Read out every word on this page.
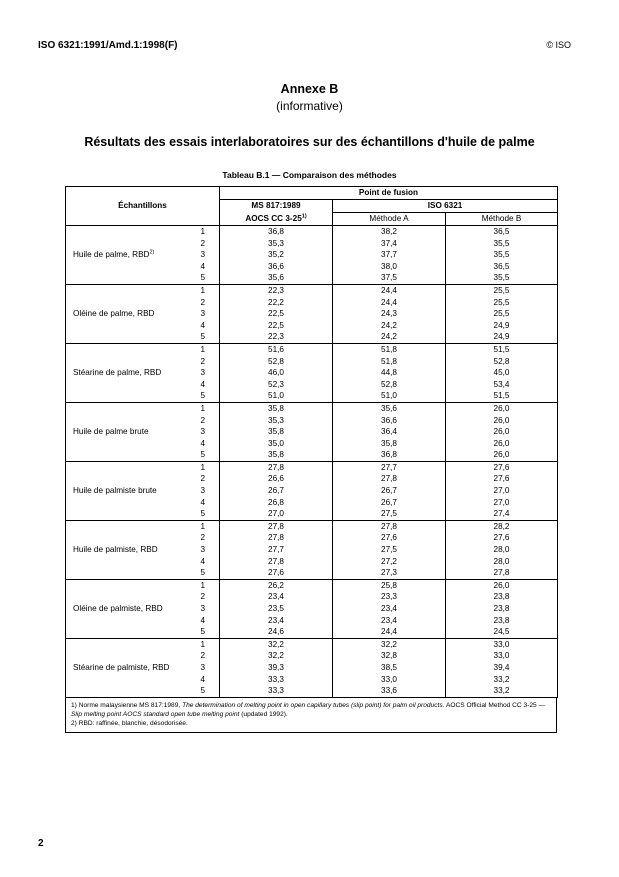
ISO 6321:1991/Amd.1:1998(F)	© ISO
Annexe B
(informative)
Résultats des essais interlaboratoires sur des échantillons d'huile de palme
Tableau B.1 — Comparaison des méthodes
Échantillons		Point de fusion		
		MS 817:1989	ISO 6321	
		AOCS CC 3-25$^{1)}$	Méthode A	Méthode B
Huile de palme, RBD$^{2)}$	1	36,8	38,2	36,5
	2	35,3	37,4	35,5
	3	35,2	37,7	35,5
	4	36,6	38,0	36,5
	5	35,6	37,5	35,5
Oléine de palme, RBD	1	22,3	24,4	25,5
	2	22,2	24,4	25,5
	3	22,5	24,3	25,5
	4	22,5	24,2	24,9
	5	22,3	24,2	24,9
Stéarine de palme, RBD	1	51,6	51,8	51,5
	2	52,8	51,8	52,8
	3	46,0	44,8	45,0
	4	52,3	52,8	53,4
	5	51,0	51,0	51,5
Huile de palme brute	1	35,8	35,6	26,0
	2	35,3	36,6	26,0
	3	35,8	36,4	26,0
	4	35,0	35,8	26,0
	5	35,8	36,8	26,0
Huile de palmiste brute	1	27,8	27,7	27,6
	2	26,6	27,8	27,6
	3	26,7	26,7	27,0
	4	26,8	26,7	27,0
	5	27,0	27,5	27,4
Huile de palmiste, RBD	1	27,8	27,8	28,2
	2	27,8	27,6	27,6
	3	27,7	27,5	28,0
	4	27,8	27,2	28,0
	5	27,6	27,3	27,8
Oléine de palmiste, RBD	1	26,2	25,8	26,0
	2	23,4	23,3	23,8
	3	23,5	23,4	23,8
	4	23,4	23,4	23,8
	5	24,6	24,4	24,5
Stéarine de palmiste, RBD	1	32,2	32,2	33,0
	2	32,2	32,8	33,0
	3	39,3	38,5	39,4
	4	33,3	33,0	33,2
	5	33,3	33,6	33,2
1) Norme malaysienne MS 817:1989, The determination of melting point in open capillary tubes (slip point) for palm oil products. AOCS Official Method CC 3-25 — Slip melting point AOCS standard open tube melting point (updated 1992).
2) RBD: raffinée, blanchie, désodorisée.
2
